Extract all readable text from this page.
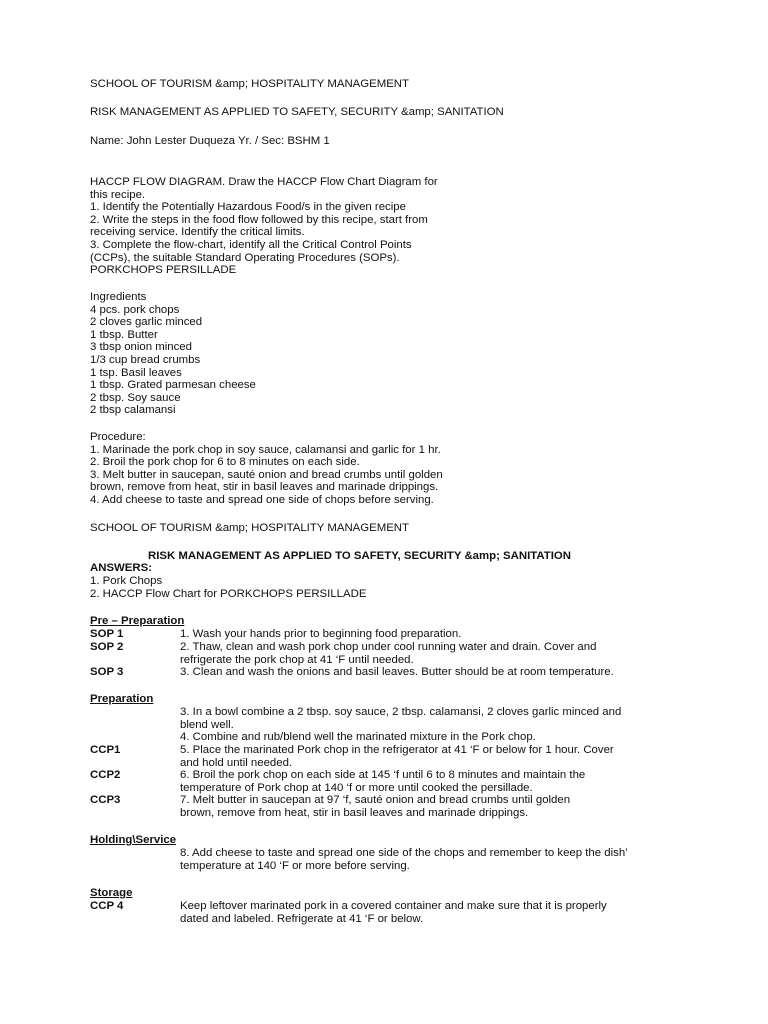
SCHOOL OF TOURISM &amp; HOSPITALITY MANAGEMENT
RISK MANAGEMENT AS APPLIED TO SAFETY, SECURITY &amp; SANITATION
Name: John Lester Duqueza Yr. / Sec: BSHM 1
HACCP FLOW DIAGRAM. Draw the HACCP Flow Chart Diagram for
this recipe.
1. Identify the Potentially Hazardous Food/s in the given recipe
2. Write the steps in the food flow followed by this recipe, start from
receiving service. Identify the critical limits.
3. Complete the flow-chart, identify all the Critical Control Points
(CCPs), the suitable Standard Operating Procedures (SOPs).
PORKCHOPS PERSILLADE
Ingredients
4 pcs. pork chops
2 cloves garlic minced
1 tbsp. Butter
3 tbsp onion minced
1/3 cup bread crumbs
1 tsp. Basil leaves
1 tbsp. Grated parmesan cheese
2 tbsp. Soy sauce
2 tbsp calamansi
Procedure:
1. Marinade the pork chop in soy sauce, calamansi and garlic for 1 hr.
2. Broil the pork chop for 6 to 8 minutes on each side.
3. Melt butter in saucepan, sauté onion and bread crumbs until golden
brown, remove from heat, stir in basil leaves and marinade drippings.
4. Add cheese to taste and spread one side of chops before serving.
SCHOOL OF TOURISM &amp; HOSPITALITY MANAGEMENT
RISK MANAGEMENT AS APPLIED TO SAFETY, SECURITY &amp; SANITATION
ANSWERS:
1. Pork Chops
2. HACCP Flow Chart for PORKCHOPS PERSILLADE
Pre – Preparation
SOP 1	1. Wash your hands prior to beginning food preparation.
SOP 2	2. Thaw, clean and wash pork chop under cool running water and drain. Cover and
refrigerate the pork chop at 41 ‘F until needed.
SOP 3	3. Clean and wash the onions and basil leaves. Butter should be at room temperature.
Preparation
3. In a bowl combine a 2 tbsp. soy sauce, 2 tbsp. calamansi, 2 cloves garlic minced and
blend well.
4. Combine and rub/blend well the marinated mixture in the Pork chop.
CCP1	5. Place the marinated Pork chop in the refrigerator at 41 ‘F or below for 1 hour. Cover
and hold until needed.
CCP2	6. Broil the pork chop on each side at 145 ‘f until 6 to 8 minutes and maintain the
temperature of Pork chop at 140 ‘f or more until cooked the persillade.
CCP3	7. Melt butter in saucepan at 97 ‘f, sauté onion and bread crumbs until golden
brown, remove from heat, stir in basil leaves and marinade drippings.
Holding\Service
8. Add cheese to taste and spread one side of the chops and remember to keep the dish’
temperature at 140 ‘F or more before serving.
Storage
CCP 4	Keep leftover marinated pork in a covered container and make sure that it is properly
dated and labeled. Refrigerate at 41 ‘F or below.
